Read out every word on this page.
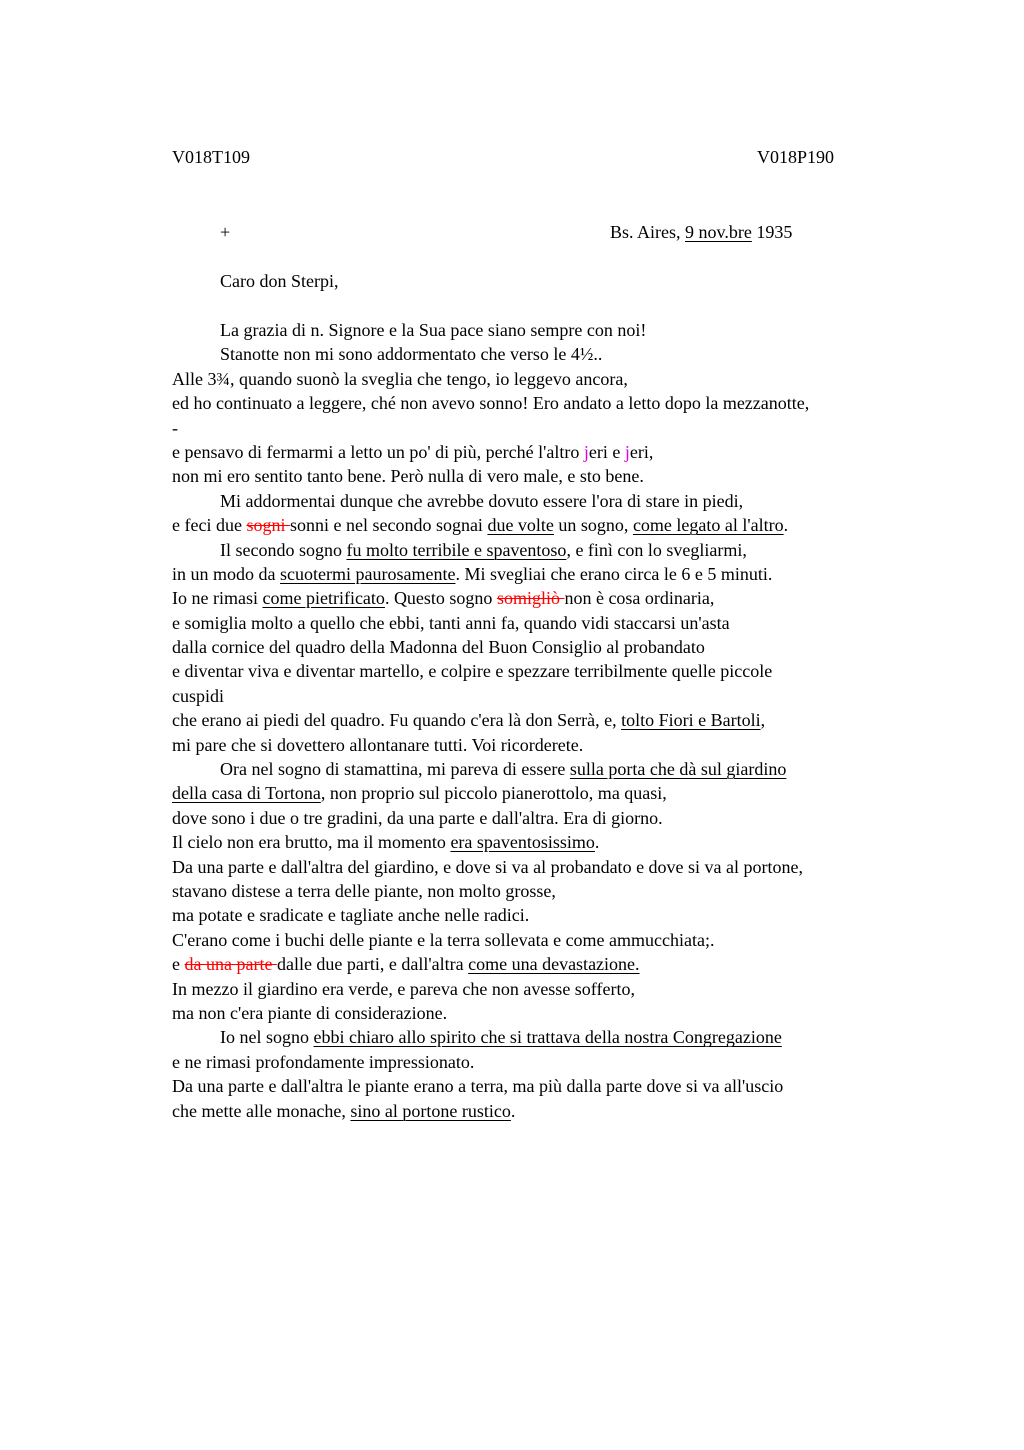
V018T109	V018P190
+	Bs. Aires, 9 nov.bre 1935
Caro don Sterpi,
La grazia di n. Signore e la Sua pace siano sempre con noi!
Stanotte non mi sono addormentato che verso le 4½..
Alle 3¾, quando suonò la sveglia che tengo, io leggevo ancora,
ed ho continuato a leggere, ché non avevo sonno! Ero andato a letto dopo la mezzanotte,
-
e pensavo di fermarmi a letto un po' di più, perché l'altro jeri e jeri,
non mi ero sentito tanto bene. Però nulla di vero male, e sto bene.
Mi addormentai dunque che avrebbe dovuto essere l'ora di stare in piedi,
e feci due sogni sonni e nel secondo sognai due volte un sogno, come legato al l'altro.
Il secondo sogno fu molto terribile e spaventoso, e finì con lo svegliarmi,
in un modo da scuotermi paurosamente. Mi svegliai che erano circa le 6 e 5 minuti.
Io ne rimasi come pietrificato. Questo sogno somigliò non è cosa ordinaria,
e somiglia molto a quello che ebbi, tanti anni fa, quando vidi staccarsi un'asta
dalla cornice del quadro della Madonna del Buon Consiglio al probandato
e diventar viva e diventar martello, e colpire e spezzare terribilmente quelle piccole
cuspidi
che erano ai piedi del quadro. Fu quando c'era là don Serrà, e, tolto Fiori e Bartoli,
mi pare che si dovettero allontanare tutti. Voi ricorderete.
Ora nel sogno di stamattina, mi pareva di essere sulla porta che dà sul giardino
della casa di Tortona, non proprio sul piccolo pianerottolo, ma quasi,
dove sono i due o tre gradini, da una parte e dall'altra. Era di giorno.
Il cielo non era brutto, ma il momento era spaventosissimo.
Da una parte e dall'altra del giardino, e dove si va al probandato e dove si va al portone,
stavano distese a terra delle piante, non molto grosse,
ma potate e sradicate e tagliate anche nelle radici.
C'erano come i buchi delle piante e la terra sollevata e come ammucchiata;.
e da una parte dalle due parti, e dall'altra come una devastazione.
In mezzo il giardino era verde, e pareva che non avesse sofferto,
ma non c'era piante di considerazione.
Io nel sogno ebbi chiaro allo spirito che si trattava della nostra Congregazione
e ne rimasi profondamente impressionato.
Da una parte e dall'altra le piante erano a terra, ma più dalla parte dove si va all'uscio
che mette alle monache, sino al portone rustico.
